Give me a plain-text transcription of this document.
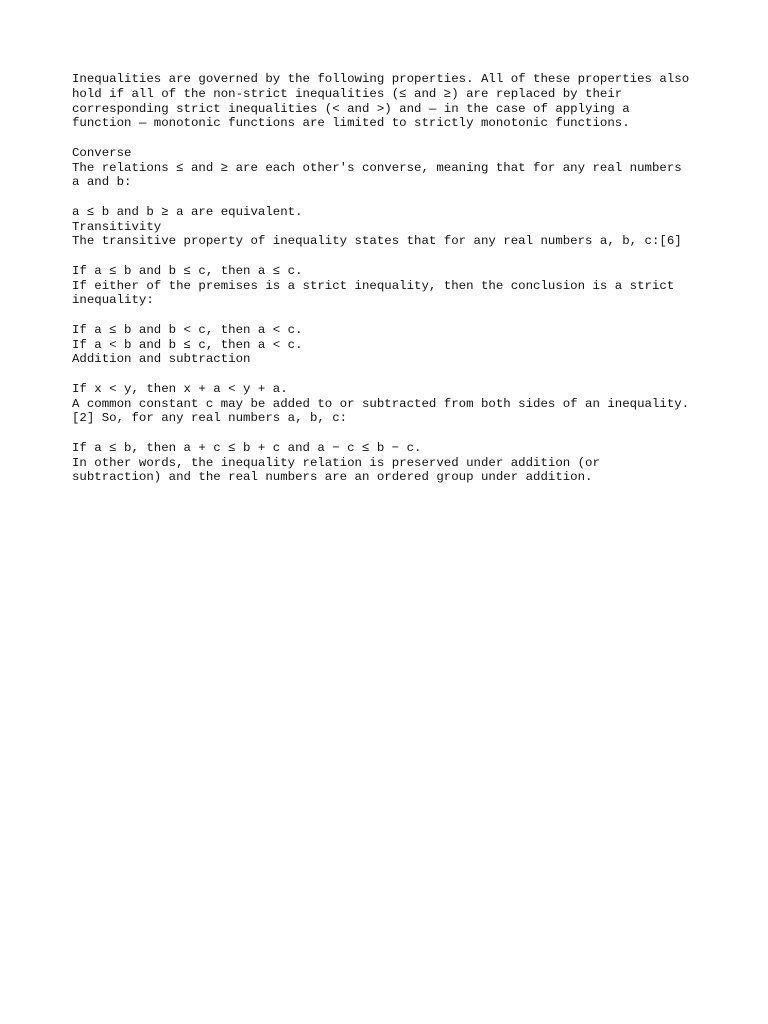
Inequalities are governed by the following properties. All of these properties also
hold if all of the non-strict inequalities (≤ and ≥) are replaced by their
corresponding strict inequalities (< and >) and — in the case of applying a
function — monotonic functions are limited to strictly monotonic functions.
Converse
The relations ≤ and ≥ are each other's converse, meaning that for any real numbers
a and b:
a ≤ b and b ≥ a are equivalent.
Transitivity
The transitive property of inequality states that for any real numbers a, b, c:[6]
If a ≤ b and b ≤ c, then a ≤ c.
If either of the premises is a strict inequality, then the conclusion is a strict
inequality:
If a ≤ b and b < c, then a < c.
If a < b and b ≤ c, then a < c.
Addition and subtraction
If x < y, then x + a < y + a.
A common constant c may be added to or subtracted from both sides of an inequality.
[2] So, for any real numbers a, b, c:
If a ≤ b, then a + c ≤ b + c and a − c ≤ b − c.
In other words, the inequality relation is preserved under addition (or
subtraction) and the real numbers are an ordered group under addition.
